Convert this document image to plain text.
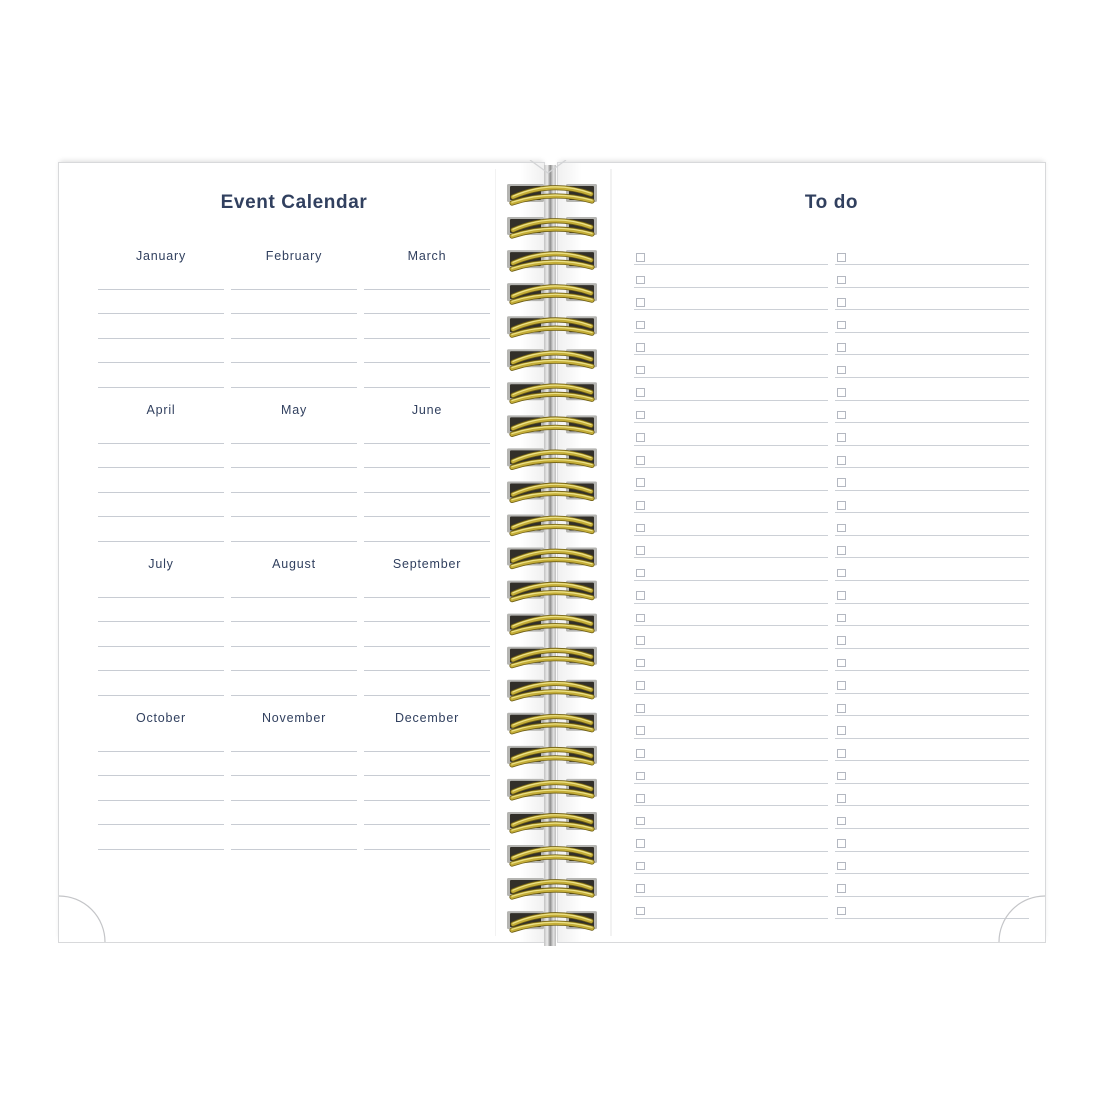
Event Calendar
January	February	March
April	May	June
July	August	September
October	November	December
To do
